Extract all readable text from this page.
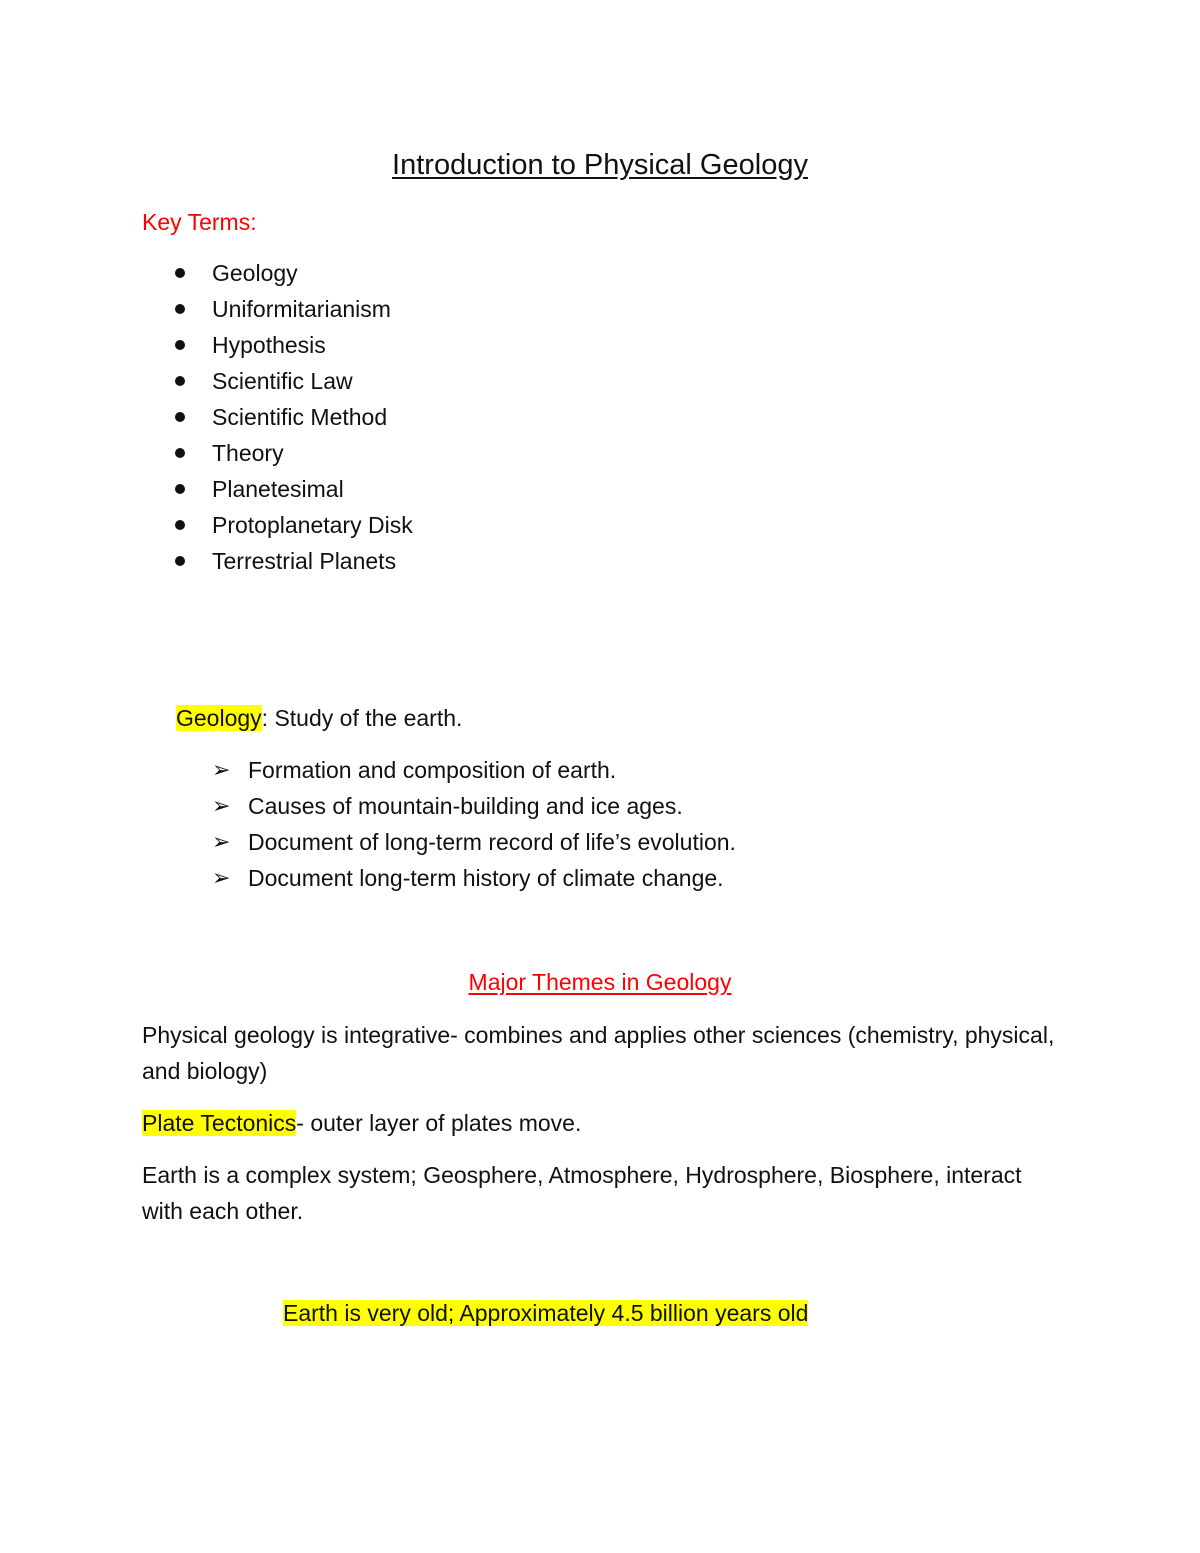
Introduction to Physical Geology
Key Terms:
Geology
Uniformitarianism
Hypothesis
Scientific Law
Scientific Method
Theory
Planetesimal
Protoplanetary Disk
Terrestrial Planets
Geology: Study of the earth.
➢ Formation and composition of earth.
➢ Causes of mountain-building and ice ages.
➢ Document of long-term record of life’s evolution.
➢ Document long-term history of climate change.
Major Themes in Geology
Physical geology is integrative- combines and applies other sciences (chemistry, physical, and biology)
Plate Tectonics- outer layer of plates move.
Earth is a complex system; Geosphere, Atmosphere, Hydrosphere, Biosphere, interact with each other.
Earth is very old; Approximately 4.5 billion years old
